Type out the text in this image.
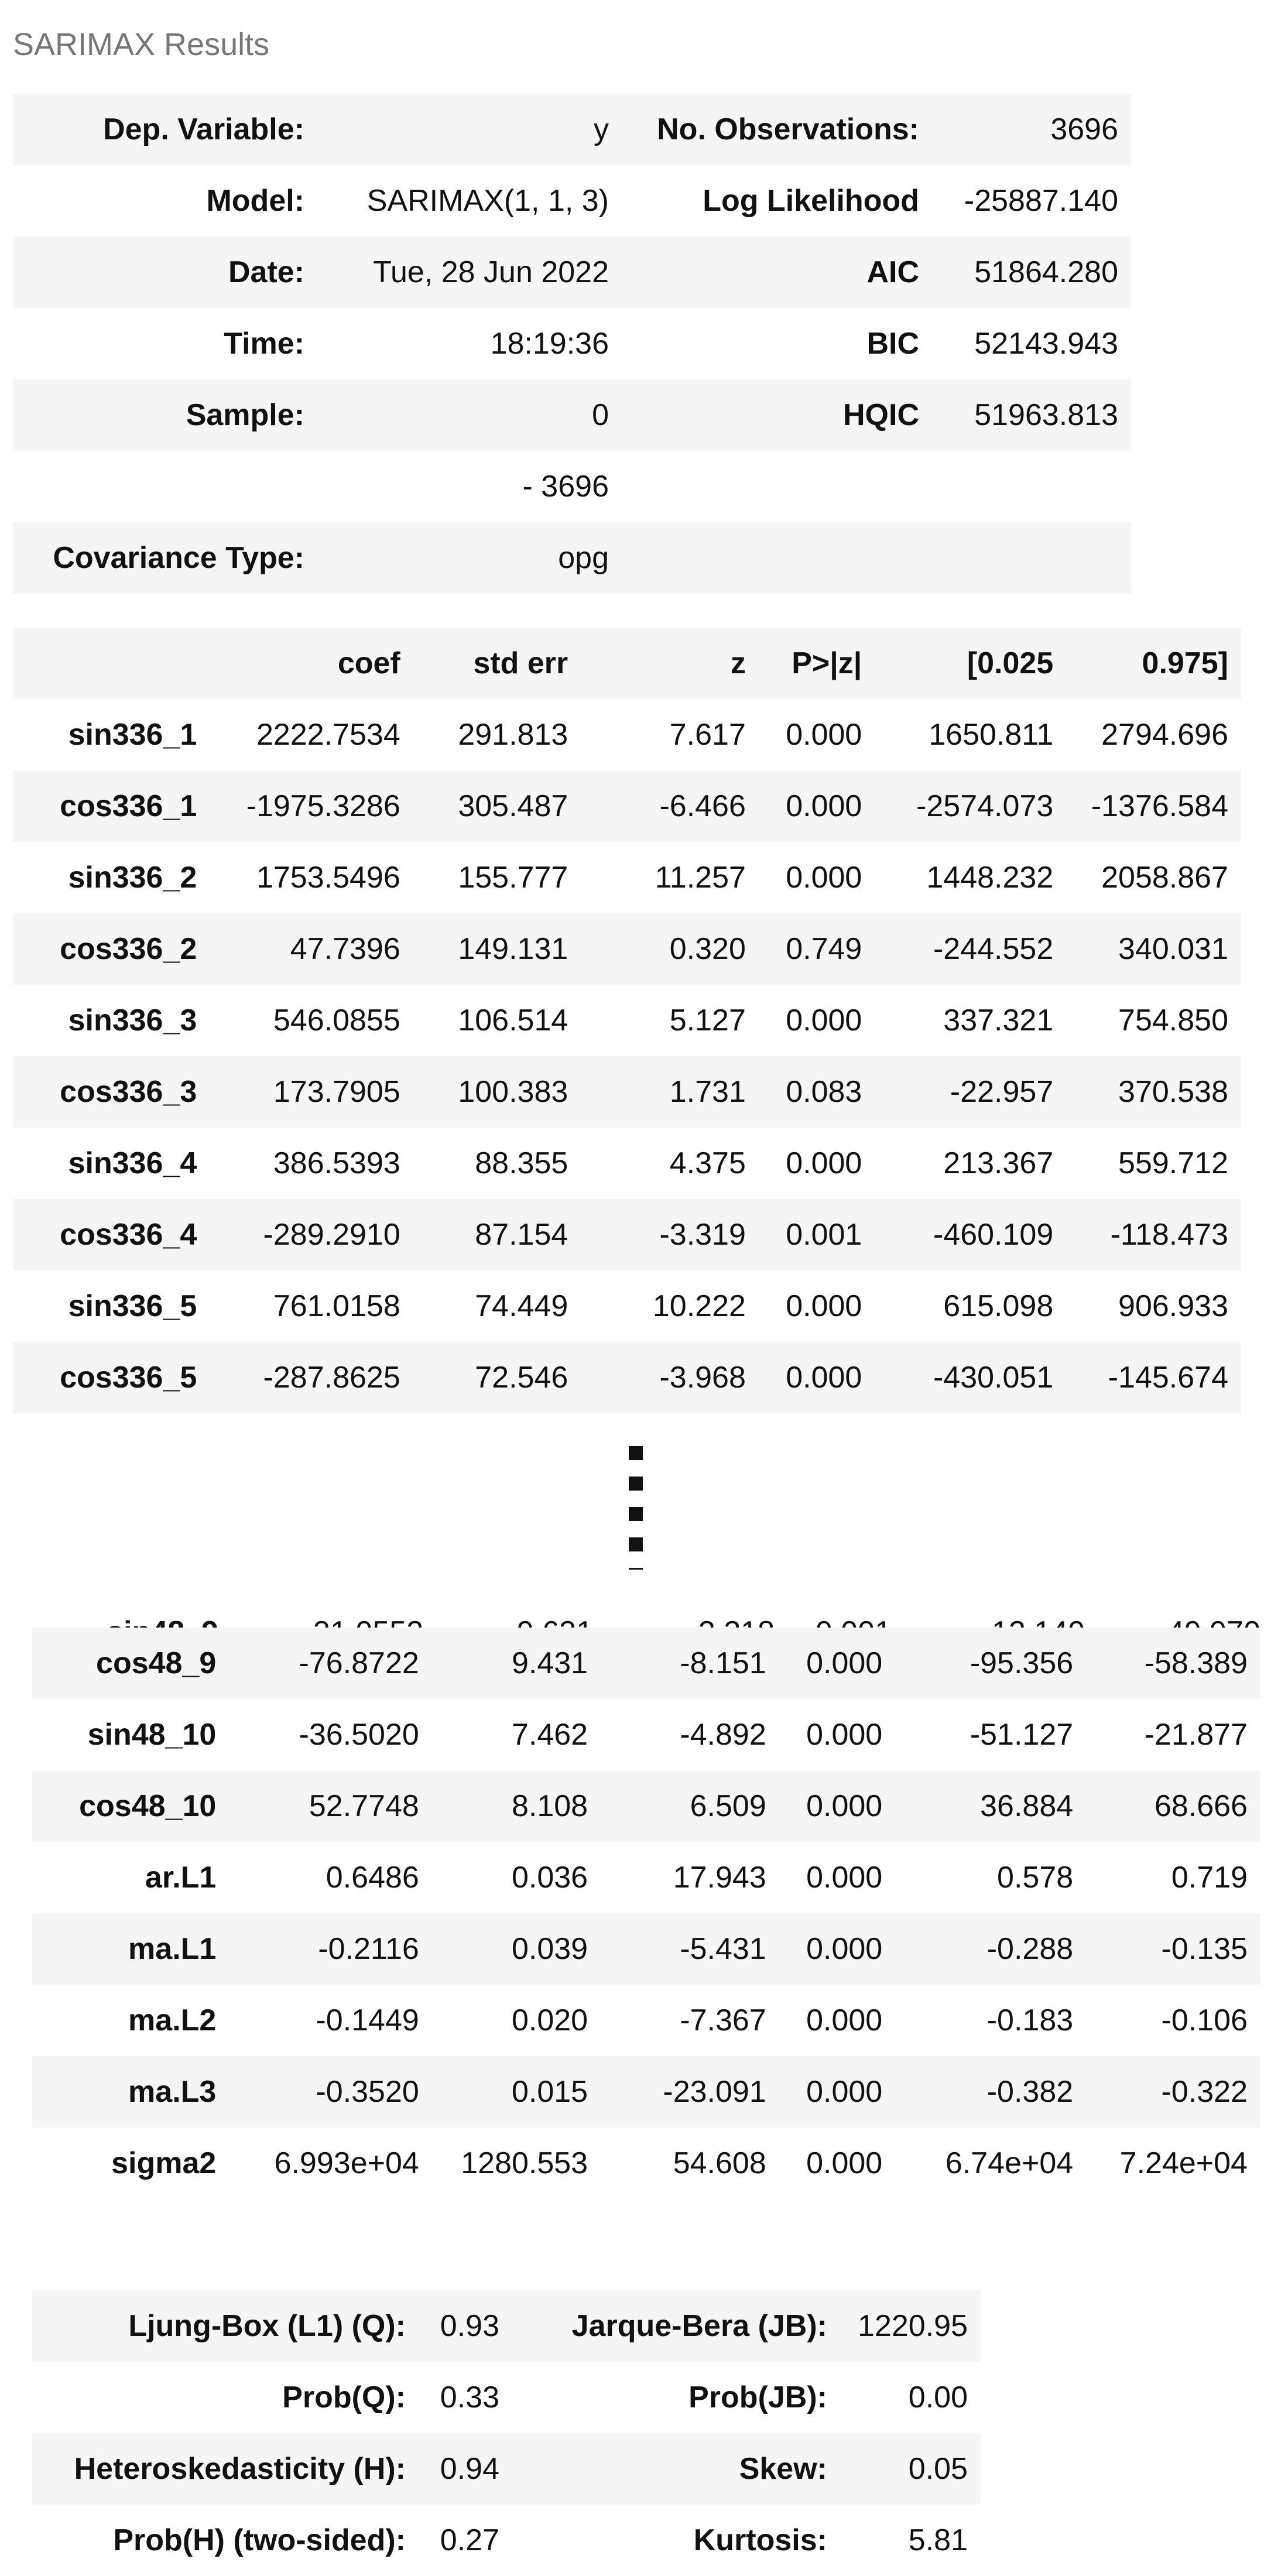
SARIMAX Results
Dep. Variable:	y	No. Observations:	3696
Model:	SARIMAX(1, 1, 3)	Log Likelihood	-25887.140
Date:	Tue, 28 Jun 2022	AIC	51864.280
Time:	18:19:36	BIC	52143.943
Sample:	0	HQIC	51963.813
	- 3696		
Covariance Type:	opg		
	coef	std err	z	P>|z|	[0.025	0.975]
sin336_1	2222.7534	291.813	7.617	0.000	1650.811	2794.696
cos336_1	-1975.3286	305.487	-6.466	0.000	-2574.073	-1376.584
sin336_2	1753.5496	155.777	11.257	0.000	1448.232	2058.867
cos336_2	47.7396	149.131	0.320	0.749	-244.552	340.031
sin336_3	546.0855	106.514	5.127	0.000	337.321	754.850
cos336_3	173.7905	100.383	1.731	0.083	-22.957	370.538
sin336_4	386.5393	88.355	4.375	0.000	213.367	559.712
cos336_4	-289.2910	87.154	-3.319	0.001	-460.109	-118.473
sin336_5	761.0158	74.449	10.222	0.000	615.098	906.933
cos336_5	-287.8625	72.546	-3.968	0.000	-430.051	-145.674
sin48_9	31.0552	9.631	3.218	0.001	12.140	49.970
cos48_9	-76.8722	9.431	-8.151	0.000	-95.356	-58.389
sin48_10	-36.5020	7.462	-4.892	0.000	-51.127	-21.877
cos48_10	52.7748	8.108	6.509	0.000	36.884	68.666
ar.L1	0.6486	0.036	17.943	0.000	0.578	0.719
ma.L1	-0.2116	0.039	-5.431	0.000	-0.288	-0.135
ma.L2	-0.1449	0.020	-7.367	0.000	-0.183	-0.106
ma.L3	-0.3520	0.015	-23.091	0.000	-0.382	-0.322
sigma2	6.993e+04	1280.553	54.608	0.000	6.74e+04	7.24e+04
Ljung-Box (L1) (Q):	0.93	Jarque-Bera (JB):	1220.95
Prob(Q):	0.33	Prob(JB):	0.00
Heteroskedasticity (H):	0.94	Skew:	0.05
Prob(H) (two-sided):	0.27	Kurtosis:	5.81
